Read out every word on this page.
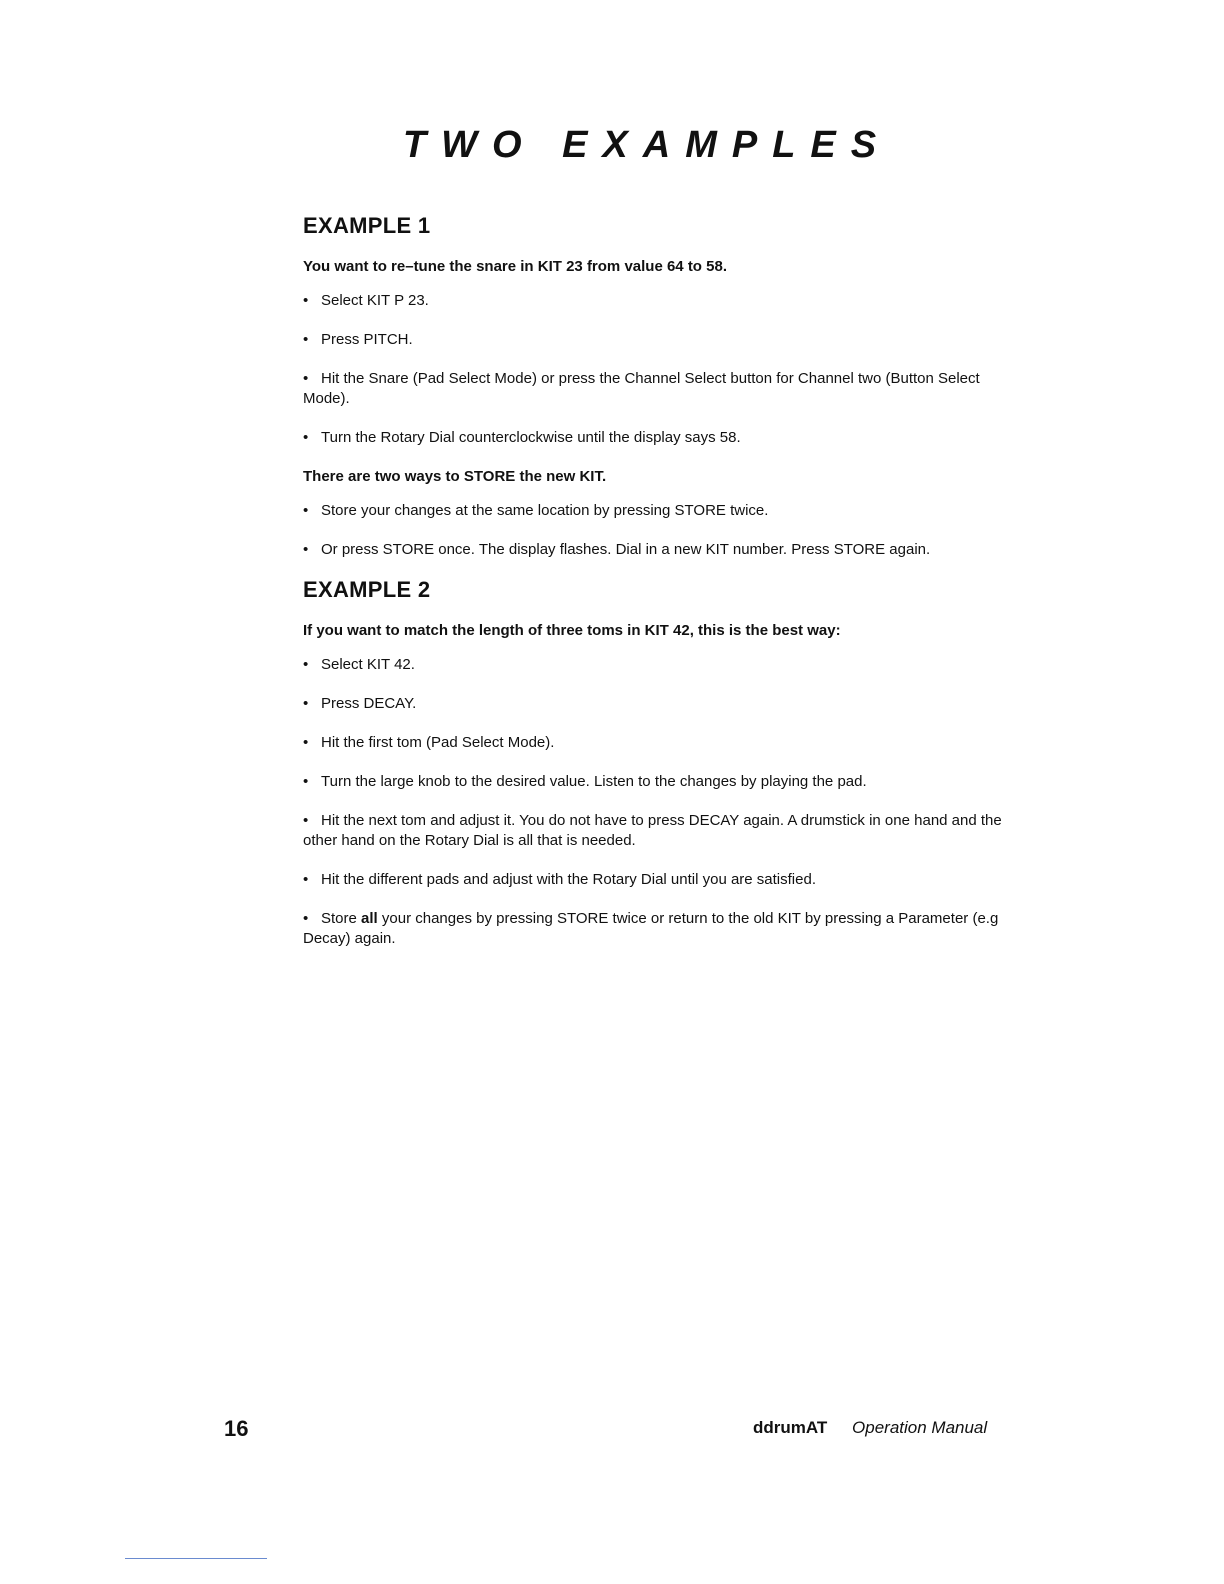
TWO EXAMPLES
EXAMPLE 1

You want to re–tune the snare in KIT 23 from value 64 to 58.

• Select KIT P 23.

• Press PITCH.

• Hit the Snare (Pad Select Mode) or press the Channel Select button for Channel two (Button Select Mode).

• Turn the Rotary Dial counterclockwise until the display says 58.

There are two ways to STORE the new KIT.

• Store your changes at the same location by pressing STORE twice.

• Or press STORE once. The display flashes. Dial in a new KIT number. Press STORE again.

EXAMPLE 2

If you want to match the length of three toms in KIT 42, this is the best way:

• Select KIT 42.

• Press DECAY.

• Hit the first tom (Pad Select Mode).

• Turn the large knob to the desired value. Listen to the changes by playing the pad.

• Hit the next tom and adjust it. You do not have to press DECAY again. A drumstick in one hand and the other hand on the Rotary Dial is all that is needed.

• Hit the different pads and adjust with the Rotary Dial until you are satisfied.

• Store all your changes by pressing STORE twice or return to the old KIT by pressing a Parameter (e.g Decay) again.

16	ddrumAT Operation Manual
